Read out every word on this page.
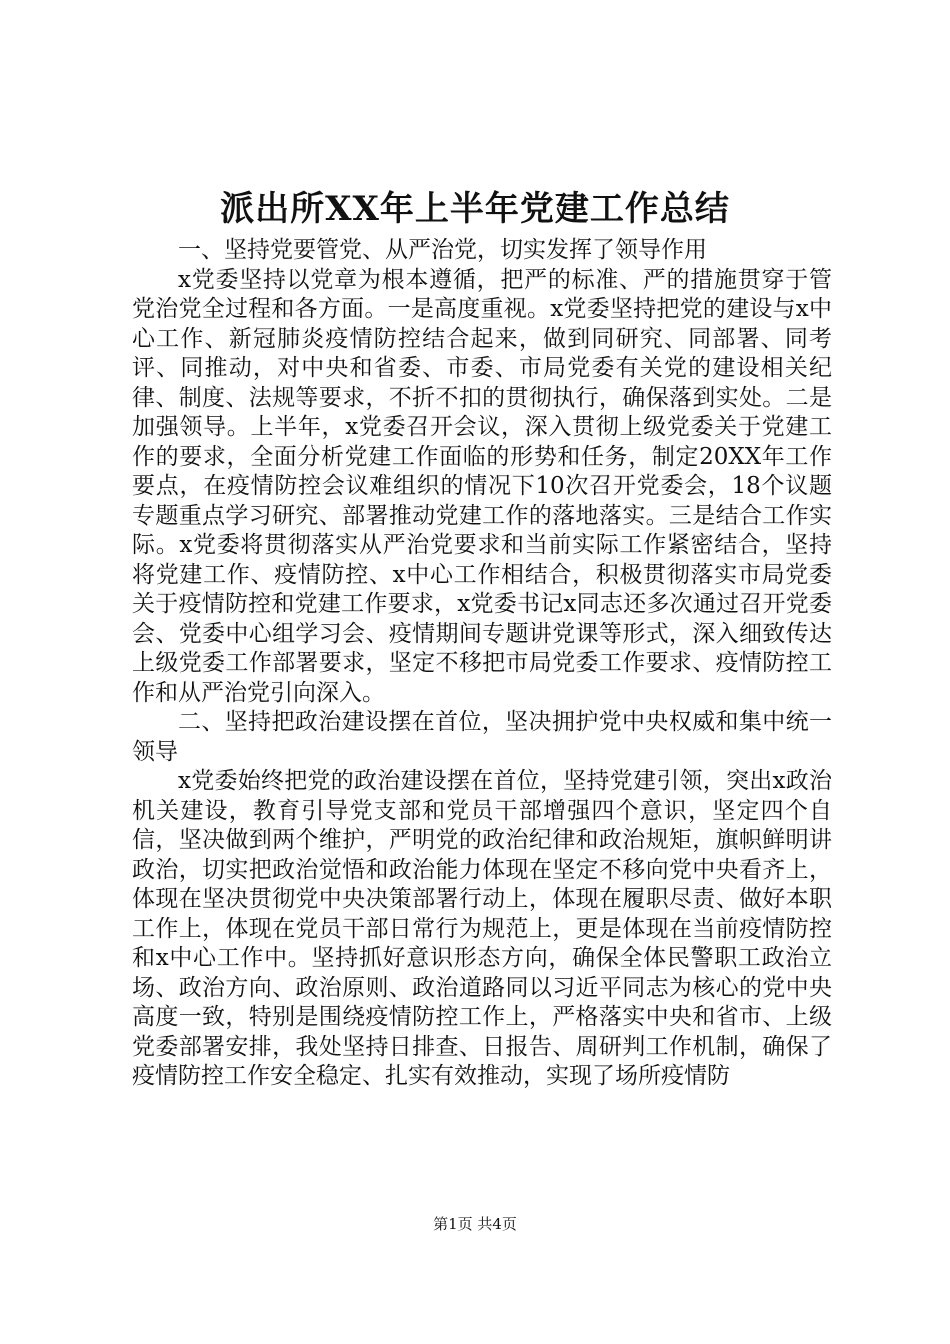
派出所XX年上半年党建工作总结

一、坚持党要管党、从严治党，切实发挥了领导作用

x党委坚持以党章为根本遵循，把严的标准、严的措施贯穿于管党治党全过程和各方面。一是高度重视。x党委坚持把党的建设与x中心工作、新冠肺炎疫情防控结合起来，做到同研究、同部署、同考评、同推动，对中央和省委、市委、市局党委有关党的建设相关纪律、制度、法规等要求，不折不扣的贯彻执行，确保落到实处。二是加强领导。上半年，x党委召开会议，深入贯彻上级党委关于党建工作的要求，全面分析党建工作面临的形势和任务，制定20XX年工作要点，在疫情防控会议难组织的情况下10次召开党委会，18个议题专题重点学习研究、部署推动党建工作的落地落实。三是结合工作实际。x党委将贯彻落实从严治党要求和当前实际工作紧密结合，坚持将党建工作、疫情防控、x中心工作相结合，积极贯彻落实市局党委关于疫情防控和党建工作要求，x党委书记x同志还多次通过召开党委会、党委中心组学习会、疫情期间专题讲党课等形式，深入细致传达上级党委工作部署要求，坚定不移把市局党委工作要求、疫情防控工作和从严治党引向深入。

二、坚持把政治建设摆在首位，坚决拥护党中央权威和集中统一领导

x党委始终把党的政治建设摆在首位，坚持党建引领，突出x政治机关建设，教育引导党支部和党员干部增强四个意识，坚定四个自信，坚决做到两个维护，严明党的政治纪律和政治规矩，旗帜鲜明讲政治，切实把政治觉悟和政治能力体现在坚定不移向党中央看齐上，体现在坚决贯彻党中央决策部署行动上，体现在履职尽责、做好本职工作上，体现在党员干部日常行为规范上，更是体现在当前疫情防控和x中心工作中。坚持抓好意识形态方向，确保全体民警职工政治立场、政治方向、政治原则、政治道路同以习近平同志为核心的党中央高度一致，特别是围绕疫情防控工作上，严格落实中央和省市、上级党委部署安排，我处坚持日排查、日报告、周研判工作机制，确保了疫情防控工作安全稳定、扎实有效推动，实现了场所疫情防

第1页 共4页
